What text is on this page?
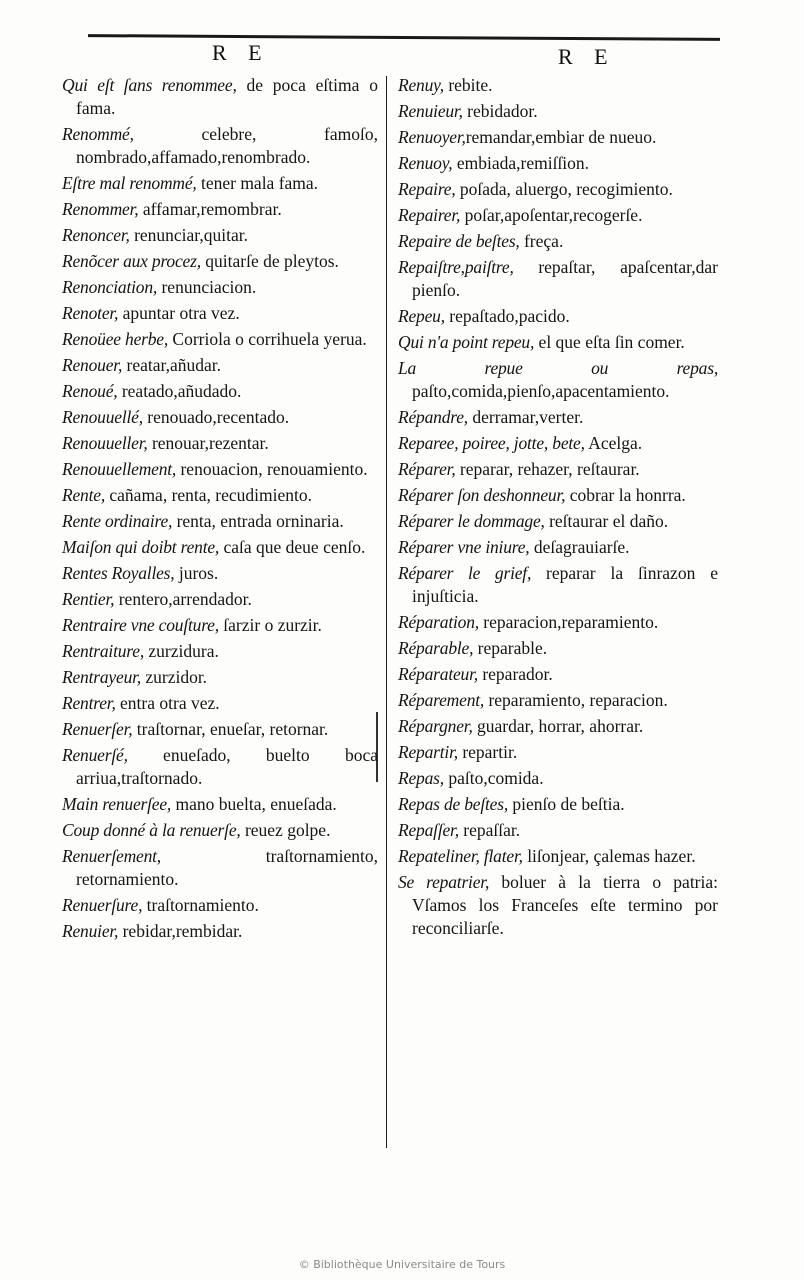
R E	R E
Qui eſt ſans renommee, de poca eſtima o fama.
Renommé, celebre, famoſo, nombrado,affamado,renombrado.
Eſtre mal renommé, tener mala fama.
Renommer, affamar,remombrar.
Renoncer, renunciar,quitar.
Renõcer aux procez, quitarſe de pleytos.
Renonciation, renunciacion.
Renoter, apuntar otra vez.
Renoüee herbe, Corriola o corrihuela yerua.
Renouer, reatar,añudar.
Renoué, reatado,añudado.
Renouuellé, renouado,recentado.
Renouueller, renouar,rezentar.
Renouuellement, renouacion, renouamiento.
Rente, cañama, renta, recudimiento.
Rente ordinaire, renta, entrada orninaria.
Maiſon qui doibt rente, caſa que deue cenſo.
Rentes Royalles, juros.
Rentier, rentero,arrendador.
Rentraire vne couſture, ſarzir o zurzir.
Rentraiture, zurzidura.
Rentrayeur, zurzidor.
Rentrer, entra otra vez.
Renuerſer, traſtornar, enueſar, retornar.
Renuerſé, enueſado, buelto boca arriua,traſtornado.
Main renuerſee, mano buelta, enueſada.
Coup donné à la renuerſe, reuez golpe.
Renuerſement, traſtornamiento, retornamiento.
Renuerſure, traſtornamiento.
Renuier, rebidar,rembidar.
Renuy, rebite.
Renuieur, rebidador.
Renuoyer,remandar,embiar de nueuo.
Renuoy, embiada,remiſſion.
Repaire, poſada, aluergo, recogimiento.
Repairer, poſar,apoſentar,recogerſe.
Repaire de beſtes, freça.
Repaiſtre,paiſtre, repaſtar, apaſcentar,dar pienſo.
Repeu, repaſtado,pacido.
Qui n'a point repeu, el que eſta ſin comer.
La repue ou repas, paſto,comida,pienſo,apacentamiento.
Répandre, derramar,verter.
Reparee, poiree, jotte, bete, Acelga.
Réparer, reparar, rehazer, reſtaurar.
Réparer ſon deshonneur, cobrar la honrra.
Réparer le dommage, reſtaurar el daño.
Réparer vne iniure, deſagrauiarſe.
Réparer le grief, reparar la ſinrazon e injuſticia.
Réparation, reparacion,reparamiento.
Réparable, reparable.
Réparateur, reparador.
Réparement, reparamiento, reparacion.
Répargner, guardar, horrar, ahorrar.
Repartir, repartir.
Repas, paſto,comida.
Repas de beſtes, pienſo de beſtia.
Repaſſer, repaſſar.
Repateliner, flater, liſonjear, çalemas hazer.
Se repatrier, boluer à la tierra o patria: Vſamos los Franceſes eſte termino por reconciliarſe.
© Bibliothèque Universitaire de Tours
